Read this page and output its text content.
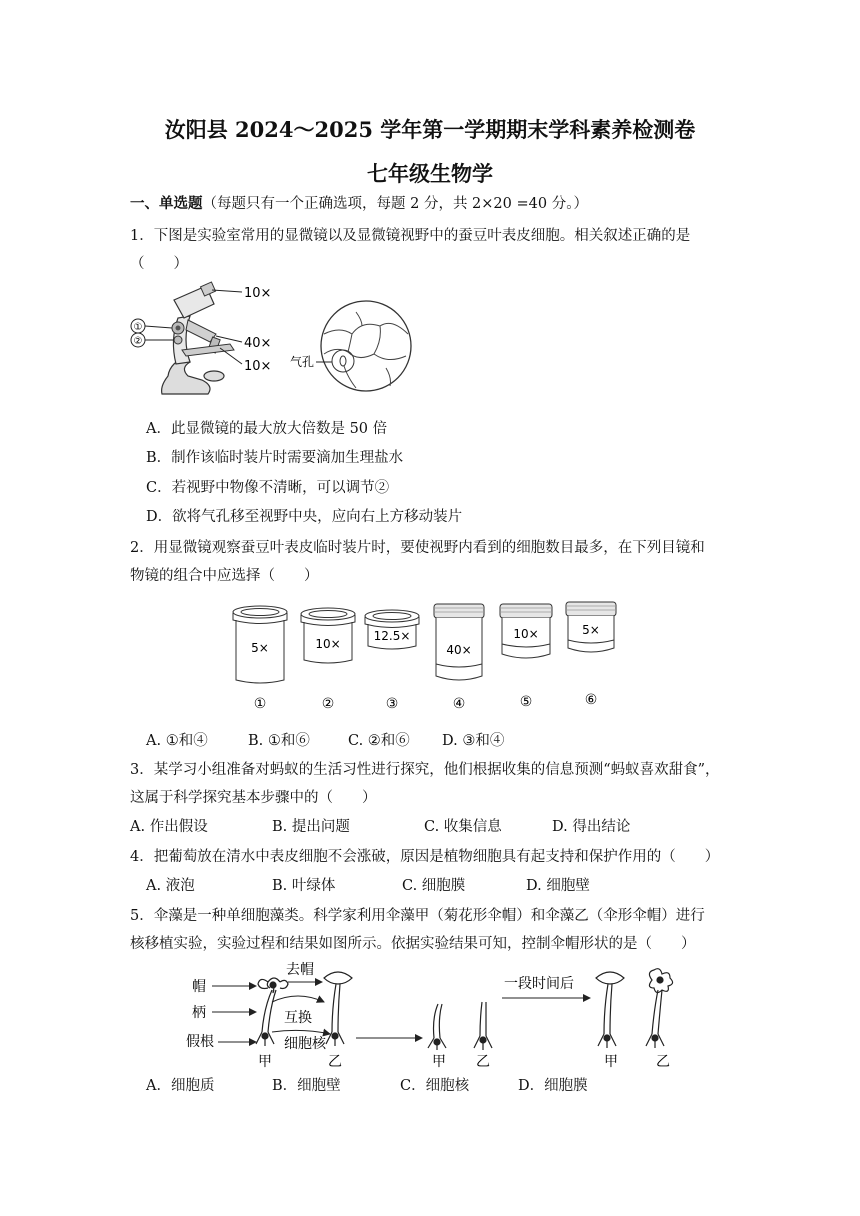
汝阳县 2024～2025 学年第一学期期末学科素养检测卷
七年级生物学
一、单选题（每题只有一个正确选项，每题 2 分，共 2×20 =40 分。）
1．下图是实验室常用的显微镜以及显微镜视野中的蚕豆叶表皮细胞。相关叙述正确的是
（　　）
①
②
10×
40×
10× 气孔
A．此显微镜的最大放大倍数是 50 倍
B．制作该临时装片时需要滴加生理盐水
C．若视野中物像不清晰，可以调节②
D．欲将气孔移至视野中央，应向右上方移动装片
2．用显微镜观察蚕豆叶表皮临时装片时，要使视野内看到的细胞数目最多，在下列目镜和
物镜的组合中应选择（　　）
5×
①
10×
②
12.5×
③
40×
④
10×
⑤
5×
⑥
A. ①和④	B. ①和⑥	C. ②和⑥ D. ③和④
3．某学习小组准备对蚂蚁的生活习性进行探究，他们根据收集的信息预测“蚂蚁喜欢甜食”，
这属于科学探究基本步骤中的（　　）
A. 作出假设	B. 提出问题	C. 收集信息	D. 得出结论
4．把葡萄放在清水中表皮细胞不会涨破，原因是植物细胞具有起支持和保护作用的（　　）
A. 液泡	B. 叶绿体	C. 细胞膜	D. 细胞壁
5．伞藻是一种单细胞藻类。科学家利用伞藻甲（菊花形伞帽）和伞藻乙（伞形伞帽）进行
核移植实验，实验过程和结果如图所示。依据实验结果可知，控制伞帽形状的是（　　）
帽
柄
假根
去帽
互换
细胞核
甲	乙	甲 乙
一段时间后
甲	乙
A．细胞质	B．细胞壁	C．细胞核	D．细胞膜
